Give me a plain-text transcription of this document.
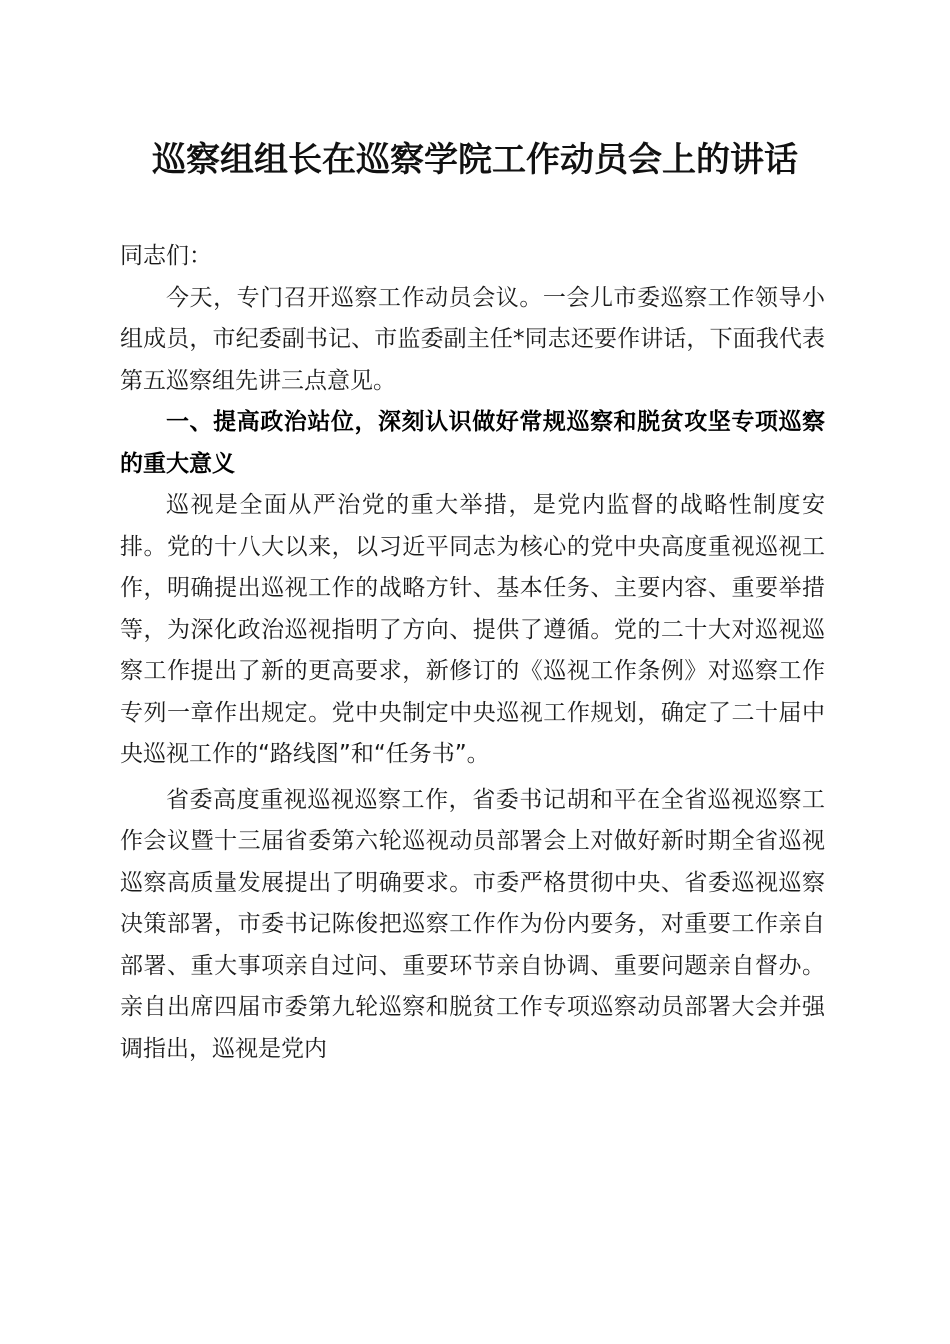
巡察组组长在巡察学院工作动员会上的讲话

同志们：

今天，专门召开巡察工作动员会议。一会儿市委巡察工作领导小组成员，市纪委副书记、市监委副主任*同志还要作讲话，下面我代表第五巡察组先讲三点意见。

一、提高政治站位，深刻认识做好常规巡察和脱贫攻坚专项巡察的重大意义

巡视是全面从严治党的重大举措，是党内监督的战略性制度安排。党的十八大以来，以习近平同志为核心的党中央高度重视巡视工作，明确提出巡视工作的战略方针、基本任务、主要内容、重要举措等，为深化政治巡视指明了方向、提供了遵循。党的二十大对巡视巡察工作提出了新的更高要求，新修订的《巡视工作条例》对巡察工作专列一章作出规定。党中央制定中央巡视工作规划，确定了二十届中央巡视工作的“路线图”和“任务书”。

省委高度重视巡视巡察工作，省委书记胡和平在全省巡视巡察工作会议暨十三届省委第六轮巡视动员部署会上对做好新时期全省巡视巡察高质量发展提出了明确要求。市委严格贯彻中央、省委巡视巡察决策部署，市委书记陈俊把巡察工作作为份内要务，对重要工作亲自部署、重大事项亲自过问、重要环节亲自协调、重要问题亲自督办。亲自出席四届市委第九轮巡察和脱贫工作专项巡察动员部署大会并强调指出，巡视是党内
